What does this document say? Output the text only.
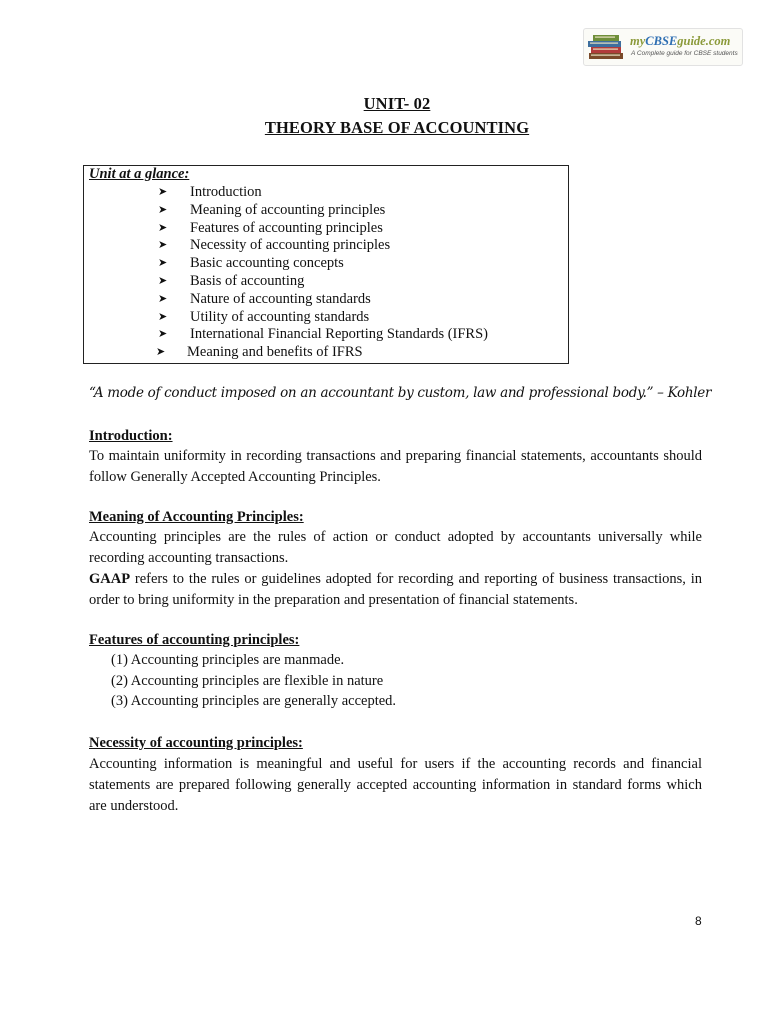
myCBSEguide.com
A Complete guide for CBSE students
UNIT- 02
THEORY BASE OF ACCOUNTING
Unit at a glance:
➤ Introduction
➤ Meaning of accounting principles
➤ Features of accounting principles
➤ Necessity of accounting principles
➤ Basic accounting concepts
➤ Basis of accounting
➤ Nature of accounting standards
➤ Utility of accounting standards
➤ International Financial Reporting Standards (IFRS)
➤ Meaning and benefits of IFRS
“A mode of conduct imposed on an accountant by custom, law and professional body.” – Kohler
Introduction:

To maintain uniformity in recording transactions and preparing financial statements, accountants should follow Generally Accepted Accounting Principles.

Meaning of Accounting Principles:

Accounting principles are the rules of action or conduct adopted by accountants universally while recording accounting transactions.

GAAP refers to the rules or guidelines adopted for recording and reporting of business transactions, in order to bring uniformity in the preparation and presentation of financial statements.

Features of accounting principles:
(1) Accounting principles are manmade.
(2) Accounting principles are flexible in nature
(3) Accounting principles are generally accepted.
Necessity of accounting principles:

Accounting information is meaningful and useful for users if the accounting records and financial statements are prepared following generally accepted accounting information in standard forms which are understood.

8
